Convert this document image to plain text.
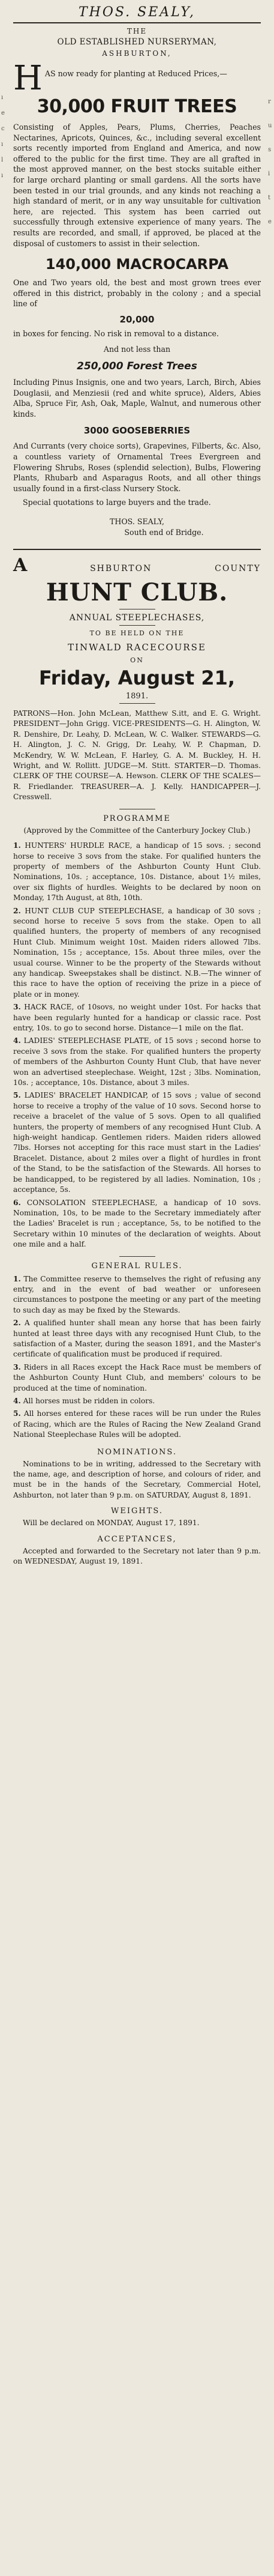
ı
e
c
ı
l
ı
r
u
s
i
t
e

THOS. SEALY,

THE

OLD ESTABLISHED NURSERYMAN,

ASHBURTON,

H AS now ready for planting at Reduced Prices,—

30,000 FRUIT TREES

Consisting of Apples, Pears, Plums, Cherries, Peaches Nectarines, Apricots, Quinces, &c., including several excellent sorts recently imported from England and America, and now offered to the public for the first time. They are all grafted in the most approved manner, on the best stocks suitable either for large orchard planting or small gardens. All the sorts have been tested in our trial grounds, and any kinds not reaching a high standard of merit, or in any way unsuitable for cultivation here, are rejected. This system has been carried out successfully through extensive experience of many years. The results are recorded, and small, if approved, be placed at the disposal of customers to assist in their selection.

140,000 MACROCARPA

One and Two years old, the best and most grown trees ever offered in this district, probably in the colony ; and a special line of

20,000

in boxes for fencing. No risk in removal to a distance.

And not less than

250,000 Forest Trees

Including Pinus Insignis, one and two years, Larch, Birch, Abies Douglasii, and Menziesii (red and white spruce), Alders, Abies Alba, Spruce Fir, Ash, Oak, Maple, Walnut, and numerous other kinds.

3000 GOOSEBERRIES

And Currants (very choice sorts), Grapevines, Filberts, &c. Also, a countless variety of Ornamental Trees Evergreen and Flowering Shrubs, Roses (splendid selection), Bulbs, Flowering Plants, Rhubarb and Asparagus Roots, and all other things usually found in a first-class Nursery Stock.

Special quotations to large buyers and the trade.

THOS. SEALY,

South end of Bridge.

A	SHBURTON	COUNTY

HUNT CLUB.

ANNUAL STEEPLECHASES,

TO BE HELD ON THE

TINWALD RACECOURSE

ON

Friday, August 21,

1891.

PATRONS—Hon. John McLean, Matthew S.itt, and E. G. Wright. PRESIDENT—John Grigg. VICE-PRESIDENTS—G. H. Alington, W. R. Denshire, Dr. Leahy, D. McLean, W. C. Walker. STEWARDS—G. H. Alington, J. C. N. Grigg, Dr. Leahy, W. P. Chapman, D. McKendry, W. W. McLean, F. Harley, G. A. M. Buckley, H. H. Wright, and W. Rollitt. JUDGE—M. Stitt. STARTER—D. Thomas. CLERK OF THE COURSE—A. Hewson. CLERK OF THE SCALES—R. Friedlander. TREASURER—A. J. Kelly. HANDICAPPER—J. Cresswell.

PROGRAMME

(Approved by the Committee of the Canterbury Jockey Club.)

1. HUNTERS' HURDLE RACE, a handicap of 15 sovs. ; second horse to receive 3 sovs from the stake. For qualified hunters the property of members of the Ashburton County Hunt Club. Nominations, 10s. ; acceptance, 10s. Distance, about 1½ miles, over six flights of hurdles. Weights to be declared by noon on Monday, 17th August, at 8th, 10th.

2. HUNT CLUB CUP STEEPLECHASE, a handicap of 30 sovs ; second horse to receive 5 sovs from the stake. Open to all qualified hunters, the property of members of any recognised Hunt Club. Minimum weight 10st. Maiden riders allowed 7lbs. Nomination, 15s ; acceptance, 15s. About three miles, over the usual course. Winner to be the property of the Stewards without any handicap. Sweepstakes shall be distinct. N.B.—The winner of this race to have the option of receiving the prize in a piece of plate or in money.

3. HACK RACE, of 10sovs, no weight under 10st. For hacks that have been regularly hunted for a handicap or classic race. Post entry, 10s. to go to second horse. Distance—1 mile on the flat.

4. LADIES' STEEPLECHASE PLATE, of 15 sovs ; second horse to receive 3 sovs from the stake. For qualified hunters the property of members of the Ashburton County Hunt Club, that have never won an advertised steeplechase. Weight, 12st ; 3lbs. Nomination, 10s. ; acceptance, 10s. Distance, about 3 miles.

5. LADIES' BRACELET HANDICAP, of 15 sovs ; value of second horse to receive a trophy of the value of 10 sovs. Second horse to receive a bracelet of the value of 5 sovs. Open to all qualified hunters, the property of members of any recognised Hunt Club. A high-weight handicap. Gentlemen riders. Maiden riders allowed 7lbs. Horses not accepting for this race must start in the Ladies' Bracelet. Distance, about 2 miles over a flight of hurdles in front of the Stand, to be the satisfaction of the Stewards. All horses to be handicapped, to be registered by all ladies. Nomination, 10s ; acceptance, 5s.

6. CONSOLATION STEEPLECHASE, a handicap of 10 sovs. Nomination, 10s, to be made to the Secretary immediately after the Ladies' Bracelet is run ; acceptance, 5s, to be notified to the Secretary within 10 minutes of the declaration of weights. About one mile and a half.

GENERAL RULES.

1. The Committee reserve to themselves the right of refusing any entry, and in the event of bad weather or unforeseen circumstances to postpone the meeting or any part of the meeting to such day as may be fixed by the Stewards.

2. A qualified hunter shall mean any horse that has been fairly hunted at least three days with any recognised Hunt Club, to the satisfaction of a Master, during the season 1891, and the Master's certificate of qualification must be produced if required.

3. Riders in all Races except the Hack Race must be members of the Ashburton County Hunt Club, and members' colours to be produced at the time of nomination.

4. All horses must be ridden in colors.

5. All horses entered for these races will be run under the Rules of Racing, which are the Rules of Racing the New Zealand Grand National Steeplechase Rules will be adopted.

NOMINATIONS.

Nominations to be in writing, addressed to the Secretary with the name, age, and description of horse, and colours of rider, and must be in the hands of the Secretary, Commercial Hotel, Ashburton, not later than 9 p.m. on SATURDAY, August 8, 1891.

WEIGHTS.

Will be declared on MONDAY, August 17, 1891.

ACCEPTANCES,

Accepted and forwarded to the Secretary not later than 9 p.m. on WEDNESDAY, August 19, 1891.
